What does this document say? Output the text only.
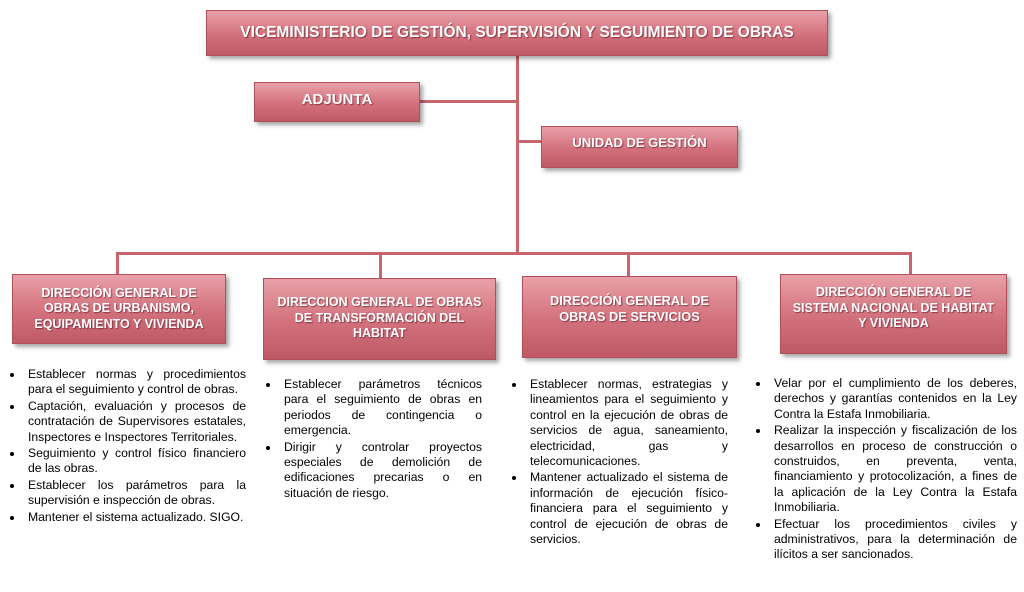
VICEMINISTERIO DE GESTIÓN, SUPERVISIÓN Y SEGUIMIENTO DE OBRAS
ADJUNTA
UNIDAD DE GESTIÓN
DIRECCIÓN GENERAL DE OBRAS DE URBANISMO, EQUIPAMIENTO Y VIVIENDA
DIRECCION GENERAL DE OBRAS DE TRANSFORMACIÓN DEL HABITAT
DIRECCIÓN GENERAL DE OBRAS DE SERVICIOS
DIRECCIÓN GENERAL DE SISTEMA NACIONAL DE HABITAT Y VIVIENDA
• Establecer normas y procedimientos para el seguimiento y control de obras.
• Captación, evaluación y procesos de contratación de Supervisores estatales, Inspectores e Inspectores Territoriales.
• Seguimiento y control físico financiero de las obras.
• Establecer los parámetros para la supervisión e inspección de obras.
• Mantener el sistema actualizado. SIGO.
• Establecer parámetros técnicos para el seguimiento de obras en periodos de contingencia o emergencia.
• Dirigir y controlar proyectos especiales de demolición de edificaciones precarias o en situación de riesgo.
• Establecer normas, estrategias y lineamientos para el seguimiento y control en la ejecución de obras de servicios de agua, saneamiento, electricidad, gas y telecomunicaciones.
• Mantener actualizado el sistema de información de ejecución físico-financiera para el seguimiento y control de ejecución de obras de servicios.
• Velar por el cumplimiento de los deberes, derechos y garantías contenidos en la Ley Contra la Estafa Inmobiliaria.
• Realizar la inspección y fiscalización de los desarrollos en proceso de construcción o construidos, en preventa, venta, financiamiento y protocolización, a fines de la aplicación de la Ley Contra la Estafa Inmobiliaria.
• Efectuar los procedimientos civiles y administrativos, para la determinación de ilícitos a ser sancionados.
